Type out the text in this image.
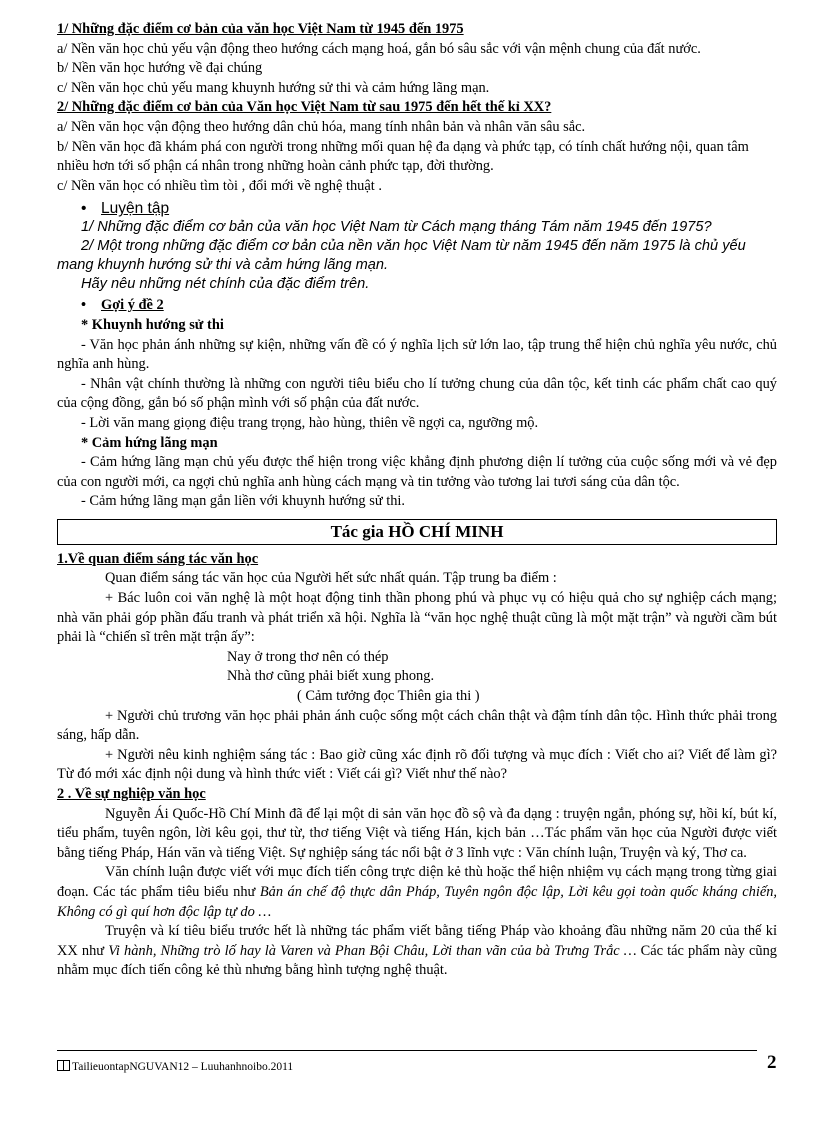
1/ Những đặc điểm cơ bản của văn học Việt Nam từ 1945 đến 1975

a/ Nền văn học chủ yếu vận động theo hướng cách mạng hoá, gắn bó sâu sắc với vận mệnh chung của đất nước.

b/ Nền văn học hướng về đại chúng

c/ Nền văn học chủ yếu mang khuynh hướng sử thi và cảm hứng lãng mạn.

2/ Những đặc điểm cơ bản của Văn học Việt Nam từ sau 1975 đến hết thế kỉ XX?

a/ Nền văn học vận động theo hướng dân chủ hóa, mang tính nhân bản và nhân văn sâu sắc.

b/ Nền văn học đã khám phá con người trong những mối quan hệ đa dạng và phức tạp, có tính chất hướng nội, quan tâm nhiều hơn tới số phận cá nhân trong những hoàn cảnh phức tạp, đời thường.

c/ Nền văn học có nhiều tìm tòi , đổi mới về nghệ thuật .

• Luyện tập

1/ Những đặc điểm cơ bản của văn học Việt Nam từ Cách mạng tháng Tám năm 1945 đến 1975?

2/ Một trong những đặc điểm cơ bản của nền văn học Việt Nam từ năm 1945 đến năm 1975 là chủ yếu mang khuynh hướng sử thi và cảm hứng lãng mạn.

Hãy nêu những nét chính của đặc điểm trên.

• Gợi ý đề 2

* Khuynh hướng sử thi

- Văn học phản ánh những sự kiện, những vấn đề có ý nghĩa lịch sử lớn lao, tập trung thể hiện chủ nghĩa yêu nước, chủ nghĩa anh hùng.

- Nhân vật chính thường là những con người tiêu biểu cho lí tưởng chung của dân tộc, kết tinh các phẩm chất cao quý của cộng đồng, gắn bó số phận mình với số phận của đất nước.

- Lời văn mang giọng điệu trang trọng, hào hùng, thiên về ngợi ca, ngưỡng mộ.

* Cảm hứng lãng mạn

- Cảm hứng lãng mạn chủ yếu được thể hiện trong việc khẳng định phương diện lí tưởng của cuộc sống mới và vẻ đẹp của con người mới, ca ngợi chủ nghĩa anh hùng cách mạng và tin tưởng vào tương lai tươi sáng của dân tộc.

- Cảm hứng lãng mạn gắn liền với khuynh hướng sử thi.

Tác gia HỒ CHÍ MINH

1.Về quan điểm sáng tác văn học

Quan điểm sáng tác văn học của Người hết sức nhất quán. Tập trung ba điểm :

+ Bác luôn coi văn nghệ là một hoạt động tinh thần phong phú và phục vụ có hiệu quả cho sự nghiệp cách mạng; nhà văn phải góp phần đấu tranh và phát triển xã hội. Nghĩa là “văn học nghệ thuật cũng là một mặt trận” và người cầm bút phải là “chiến sĩ trên mặt trận ấy”:

Nay ở trong thơ nên có thép

Nhà thơ cũng phải biết xung phong.

( Cảm tưởng đọc Thiên gia thi )

+ Người chủ trương văn học phải phản ánh cuộc sống một cách chân thật và đậm tính dân tộc. Hình thức phải trong sáng, hấp dẫn.

+ Người nêu kinh nghiệm sáng tác : Bao giờ cũng xác định rõ đối tượng và mục đích : Viết cho ai? Viết để làm gì? Từ đó mới xác định nội dung và hình thức viết : Viết cái gì? Viết như thế nào?

2 . Về sự nghiệp văn học

Nguyễn Ái Quốc-Hồ Chí Minh đã để lại một di sản văn học đồ sộ và đa dạng : truyện ngắn, phóng sự, hồi kí, bút kí, tiểu phẩm, tuyên ngôn, lời kêu gọi, thư từ, thơ tiếng Việt và tiếng Hán, kịch bản …Tác phẩm văn học của Người được viết bằng tiếng Pháp, Hán văn và tiếng Việt. Sự nghiệp sáng tác nổi bật ở 3 lĩnh vực : Văn chính luận, Truyện và ký, Thơ ca.

Văn chính luận được viết với mục đích tiến công trực diện kẻ thù hoặc thể hiện nhiệm vụ cách mạng trong từng giai đoạn. Các tác phẩm tiêu biểu như Bản án chế độ thực dân Pháp, Tuyên ngôn độc lập, Lời kêu gọi toàn quốc kháng chiến, Không có gì quí hơn độc lập tự do …

Truyện và kí tiêu biểu trước hết là những tác phẩm viết bằng tiếng Pháp vào khoảng đầu những năm 20 của thế kỉ XX như Vi hành, Những trò lố hay là Varen và Phan Bội Châu, Lời than vãn của bà Trưng Trắc … Các tác phẩm này cũng nhằm mục đích tiến công kẻ thù nhưng bằng hình tượng nghệ thuật.

TailieuontapNGUVAN12 – Luuhanhnoibo.2011	2
